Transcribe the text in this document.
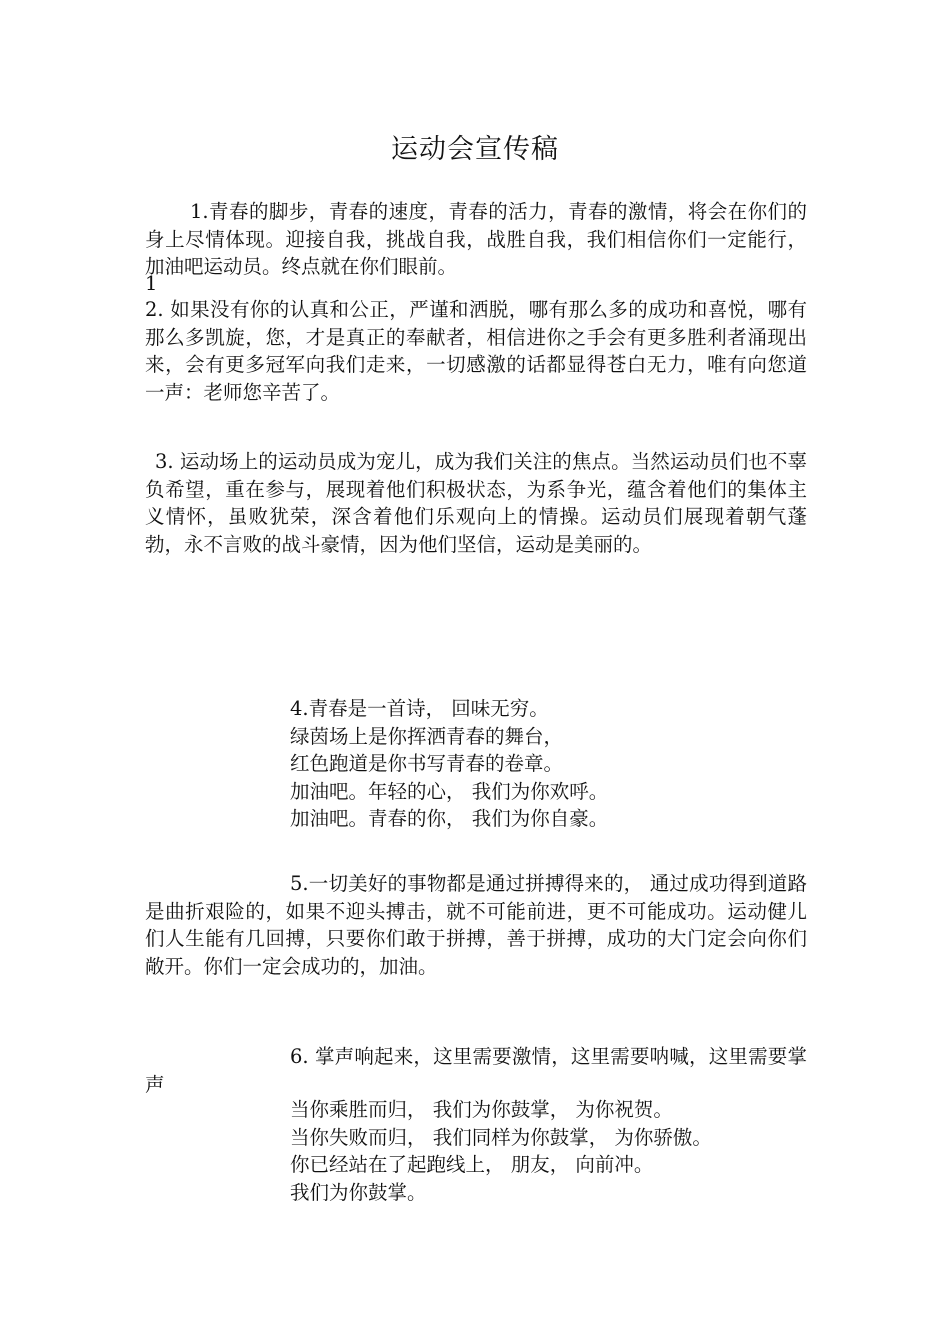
运动会宣传稿
1.青春的脚步，青春的速度，青春的活力，青春的激情，将会在你们的身上尽情体现。迎接自我，挑战自我，战胜自我，我们相信你们一定能行， 加油吧运动员。终点就在你们眼前。
1
2. 如果没有你的认真和公正，严谨和洒脱，哪有那么多的成功和喜悦，哪有那么多凯旋，您，才是真正的奉献者，相信进你之手会有更多胜利者涌现出来，会有更多冠军向我们走来，一切感激的话都显得苍白无力，唯有向您道一声：老师您辛苦了。
3. 运动场上的运动员成为宠儿，成为我们关注的焦点。当然运动员们也不辜负希望，重在参与，展现着他们积极状态，为系争光，蕴含着他们的集体主义情怀，虽败犹荣，深含着他们乐观向上的情操。运动员们展现着朝气蓬勃，永不言败的战斗豪情，因为他们坚信，运动是美丽的。
4.青春是一首诗， 回味无穷。
绿茵场上是你挥洒青春的舞台，
红色跑道是你书写青春的卷章。
加油吧。年轻的心， 我们为你欢呼。
加油吧。青春的你， 我们为你自豪。
5.一切美好的事物都是通过拼搏得来的， 通过成功得到道路是曲折艰险的，如果不迎头搏击，就不可能前进，更不可能成功。运动健儿们人生能有几回搏，只要你们敢于拼搏，善于拼搏，成功的大门定会向你们敞开。你们一定会成功的，加油。
6. 掌声响起来，这里需要激情，这里需要呐喊，这里需要掌声
当你乘胜而归， 我们为你鼓掌， 为你祝贺。
当你失败而归， 我们同样为你鼓掌， 为你骄傲。
你已经站在了起跑线上， 朋友， 向前冲。
我们为你鼓掌。
